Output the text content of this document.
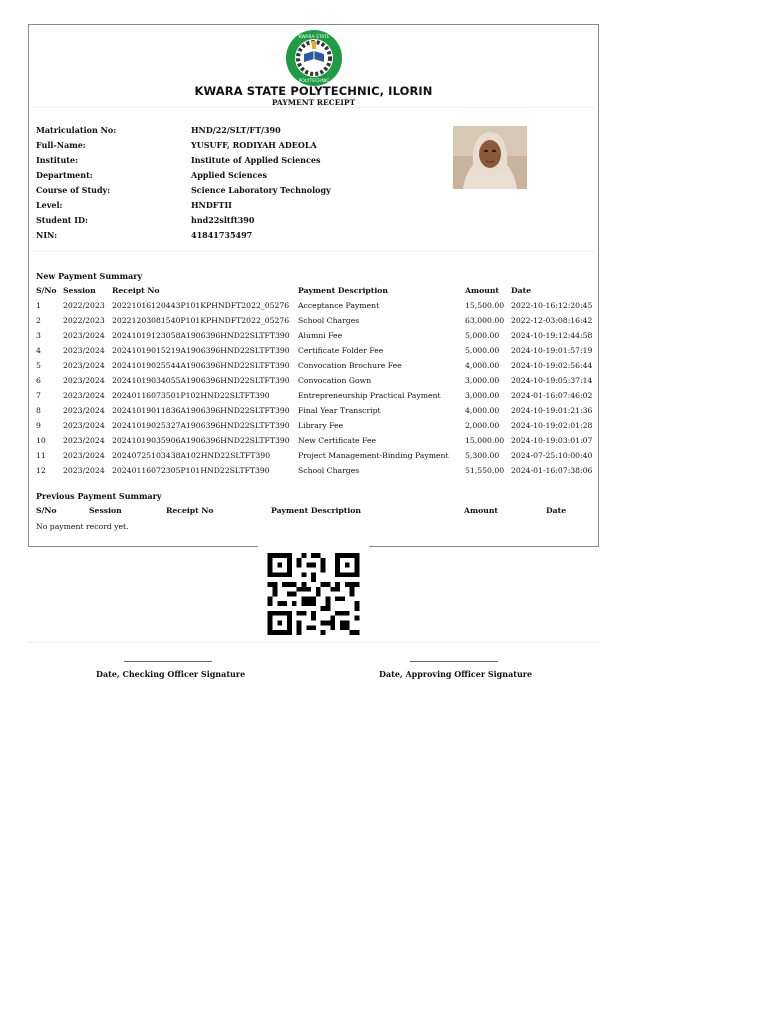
KWARA STATE
POLYTECHNIC
KWARA STATE POLYTECHNIC, ILORIN
PAYMENT RECEIPT
Matriculation No:	HND/22/SLT/FT/390
Full-Name:	YUSUFF, RODIYAH ADEOLA
Institute:	Institute of Applied Sciences
Department:	Applied Sciences
Course of Study:	Science Laboratory Technology
Level:	HNDFTII
Student ID:	hnd22sltft390
NIN:	41841735497
New Payment Summary
S/No Session Receipt No	Payment Description	Amount Date
1	2022/2023 20221016120443P101KPHNDFT2022_05276 Acceptance Payment	15,500.00 2022-10-16:12:20:45
2	2022/2023 20221203081540P101KPHNDFT2022_05276 School Charges	63,000.00 2022-12-03:08:16:42
3	2023/2024 20241019123058A1906396HND22SLTFT390 Alumni Fee	5,000.00 2024-10-19:12:44:58
4	2023/2024 20241019015219A1906396HND22SLTFT390 Certificate Folder Fee	5,000.00 2024-10-19:01:57:19
5	2023/2024 20241019025544A1906396HND22SLTFT390 Convocation Brochure Fee	4,000.00 2024-10-19:02:56:44
6	2023/2024 20241019034055A1906396HND22SLTFT390 Convocation Gown	3,000.00 2024-10-19:05:37:14
7	2023/2024 20240116073501P102HND22SLTFT390	Entrepreneurship Practical Payment	3,000.00 2024-01-16:07:46:02
8	2023/2024 20241019011836A1906396HND22SLTFT390 Final Year Transcript	4,000.00 2024-10-19:01:21:36
9	2023/2024 20241019025327A1906396HND22SLTFT390 Library Fee	2,000.00 2024-10-19:02:01:28
10 2023/2024 20241019035906A1906396HND22SLTFT390 New Certificate Fee	15,000.00 2024-10-19:03:01:07
11 2023/2024 20240725103438A102HND22SLTFT390	Project Management-Binding Payment 5,300.00 2024-07-25:10:00:40
12 2023/2024 20240116072305P101HND22SLTFT390	School Charges	51,550.00 2024-01-16:07:38:06
Previous Payment Summary
S/No	Session	Receipt No	Payment Description	Amount	Date
No payment record yet.
Date, Checking Officer Signature	Date, Approving Officer Signature
